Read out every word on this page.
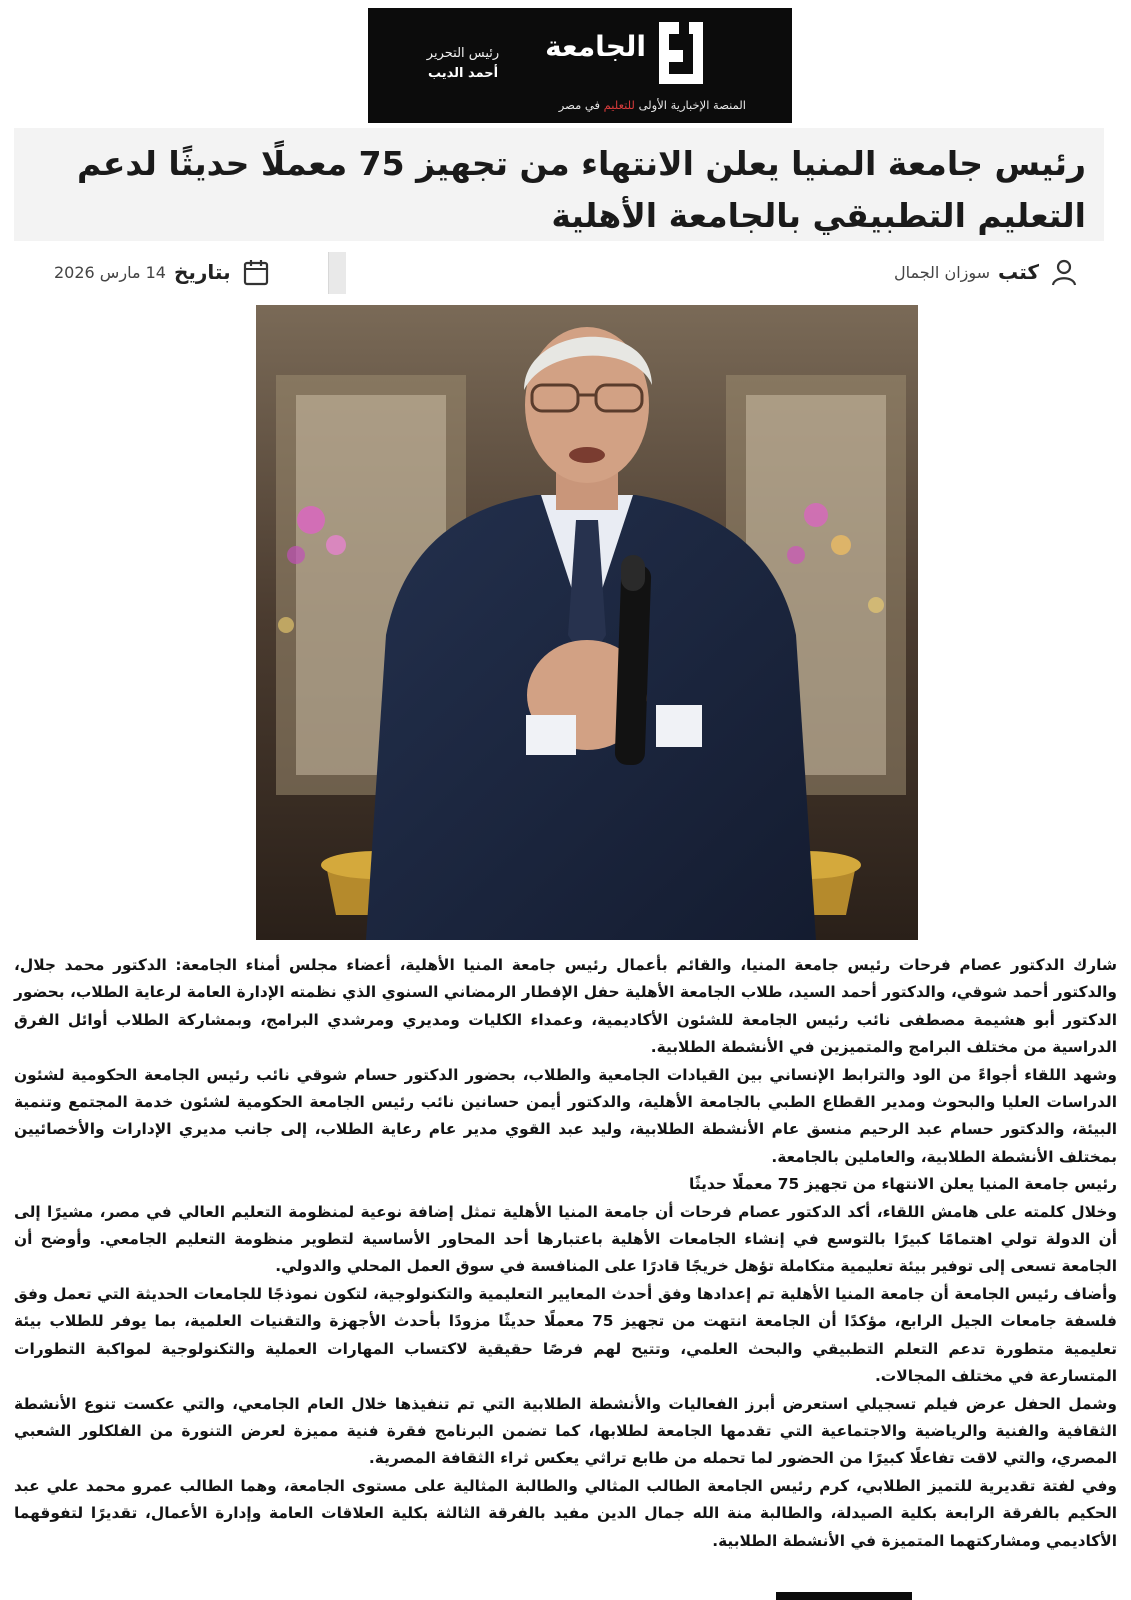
الجامعة
المنصة الإخبارية الأولى للتعليم في مصر
رئيس التحرير
أحمد الديب
رئيس جامعة المنيا يعلن الانتهاء من تجهيز 75 معملًا حديثًا لدعم التعليم التطبيقي بالجامعة الأهلية
كتب
سوزان الجمال
بتاريخ
14 مارس 2026

شارك الدكتور عصام فرحات رئيس جامعة المنيا، والقائم بأعمال رئيس جامعة المنيا الأهلية، أعضاء مجلس أمناء الجامعة: الدكتور محمد جلال، والدكتور أحمد شوقي، والدكتور أحمد السيد، طلاب الجامعة الأهلية حفل الإفطار الرمضاني السنوي الذي نظمته الإدارة العامة لرعاية الطلاب، بحضور الدكتور أبو هشيمة مصطفى نائب رئيس الجامعة للشئون الأكاديمية، وعمداء الكليات ومديري ومرشدي البرامج، وبمشاركة الطلاب أوائل الفرق الدراسية من مختلف البرامج والمتميزين في الأنشطة الطلابية.

وشهد اللقاء أجواءً من الود والترابط الإنساني بين القيادات الجامعية والطلاب، بحضور الدكتور حسام شوقي نائب رئيس الجامعة الحكومية لشئون الدراسات العليا والبحوث ومدير القطاع الطبي بالجامعة الأهلية، والدكتور أيمن حسانين نائب رئيس الجامعة الحكومية لشئون خدمة المجتمع وتنمية البيئة، والدكتور حسام عبد الرحيم منسق عام الأنشطة الطلابية، وليد عبد القوي مدير عام رعاية الطلاب، إلى جانب مديري الإدارات والأخصائيين بمختلف الأنشطة الطلابية، والعاملين بالجامعة.

رئيس جامعة المنيا يعلن الانتهاء من تجهيز 75 معملًا حديثًا

وخلال كلمته على هامش اللقاء، أكد الدكتور عصام فرحات أن جامعة المنيا الأهلية تمثل إضافة نوعية لمنظومة التعليم العالي في مصر، مشيرًا إلى أن الدولة تولي اهتمامًا كبيرًا بالتوسع في إنشاء الجامعات الأهلية باعتبارها أحد المحاور الأساسية لتطوير منظومة التعليم الجامعي. وأوضح أن الجامعة تسعى إلى توفير بيئة تعليمية متكاملة تؤهل خريجًا قادرًا على المنافسة في سوق العمل المحلي والدولي.

وأضاف رئيس الجامعة أن جامعة المنيا الأهلية تم إعدادها وفق أحدث المعايير التعليمية والتكنولوجية، لتكون نموذجًا للجامعات الحديثة التي تعمل وفق فلسفة جامعات الجيل الرابع، مؤكدًا أن الجامعة انتهت من تجهيز 75 معملًا حديثًا مزودًا بأحدث الأجهزة والتقنيات العلمية، بما يوفر للطلاب بيئة تعليمية متطورة تدعم التعلم التطبيقي والبحث العلمي، وتتيح لهم فرصًا حقيقية لاكتساب المهارات العملية والتكنولوجية لمواكبة التطورات المتسارعة في مختلف المجالات.

وشمل الحفل عرض فيلم تسجيلي استعرض أبرز الفعاليات والأنشطة الطلابية التي تم تنفيذها خلال العام الجامعي، والتي عكست تنوع الأنشطة الثقافية والفنية والرياضية والاجتماعية التي تقدمها الجامعة لطلابها، كما تضمن البرنامج فقرة فنية مميزة لعرض التنورة من الفلكلور الشعبي المصري، والتي لاقت تفاعلًا كبيرًا من الحضور لما تحمله من طابع تراثي يعكس ثراء الثقافة المصرية.

وفي لفتة تقديرية للتميز الطلابي، كرم رئيس الجامعة الطالب المثالي والطالبة المثالية على مستوى الجامعة، وهما الطالب عمرو محمد علي عبد الحكيم بالفرقة الرابعة بكلية الصيدلة، والطالبة منة الله جمال الدين مفيد بالفرقة الثالثة بكلية العلاقات العامة وإدارة الأعمال، تقديرًا لتفوقهما الأكاديمي ومشاركتهما المتميزة في الأنشطة الطلابية.
